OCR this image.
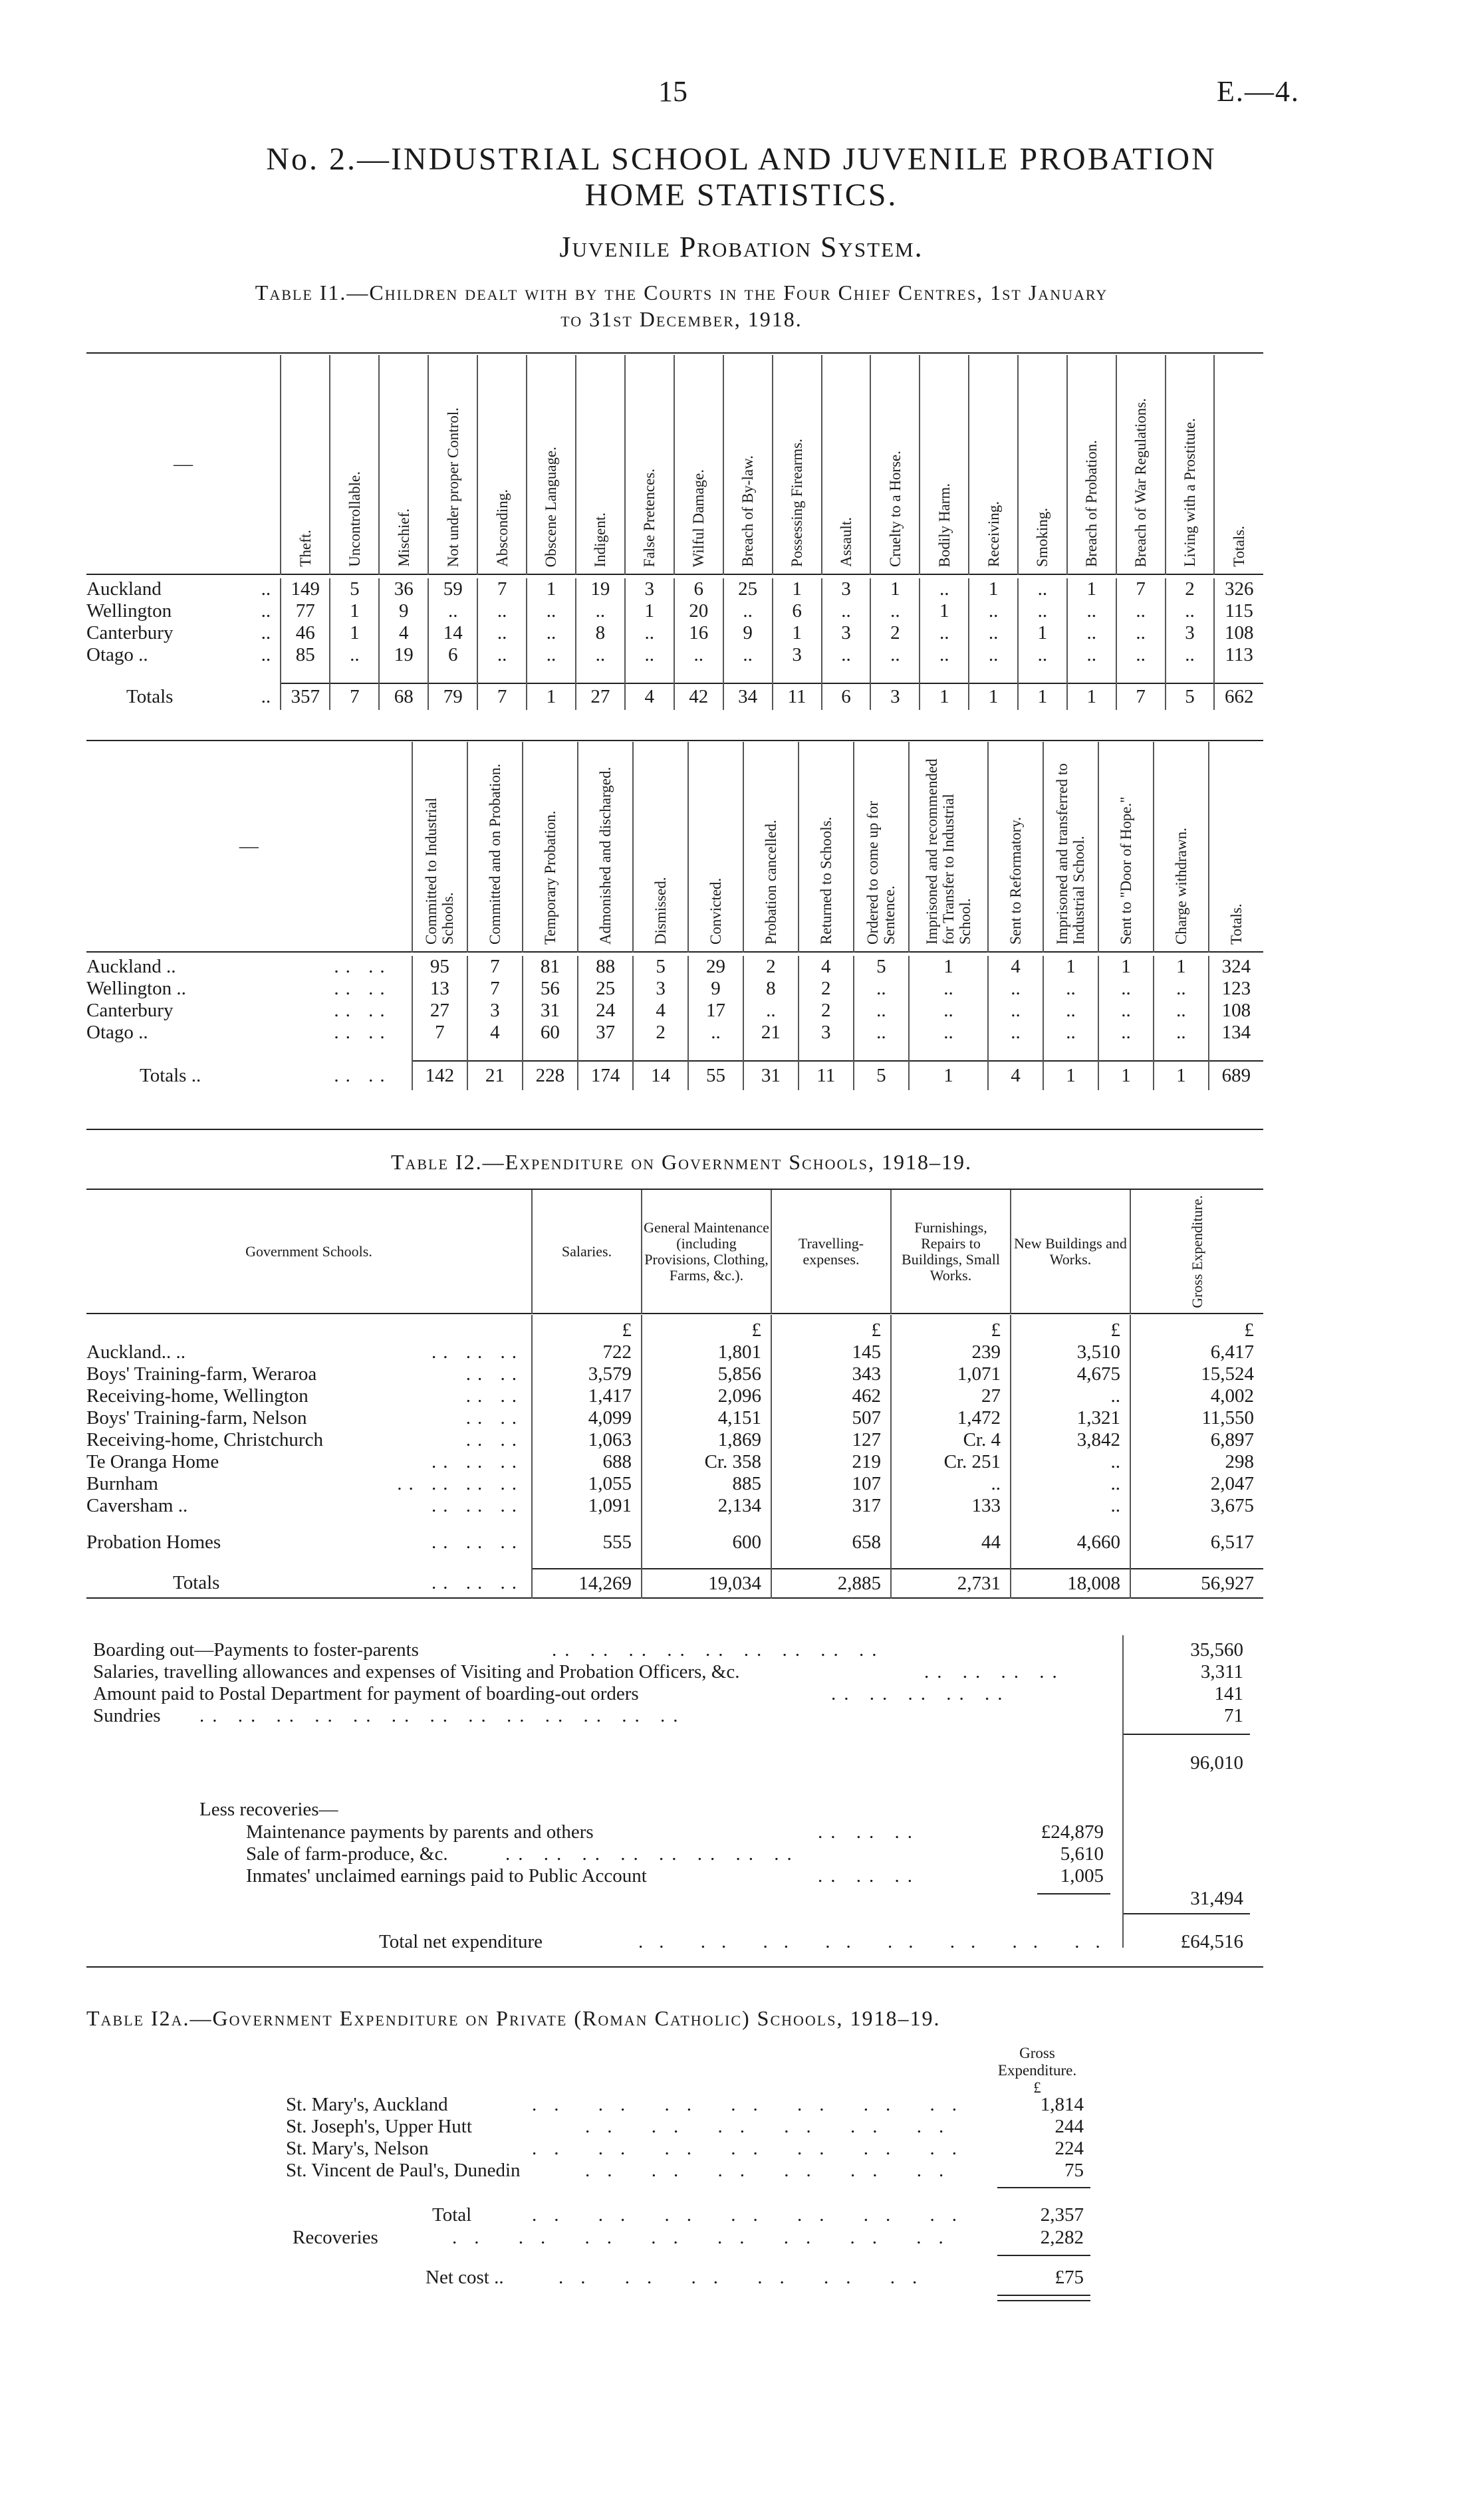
15	E.—4.
No. 2.—INDUSTRIAL SCHOOL AND JUVENILE PROBATION
HOME STATISTICS.
Juvenile Probation System.
Table I1.—Children dealt with by the Courts in the Four Chief Centres, 1st January
to 31st December, 1918.
—	Theft.	Uncontrollable.	Mischief.	Not under proper Control.	Absconding.	Obscene Language.	Indigent.	False Pretences.	Wilful Damage.	Breach of By-law.	Possessing Firearms.	Assault.	Cruelty to a Horse.	Bodily Harm.	Receiving.	Smoking.	Breach of Probation.	Breach of War Regulations.	Living with a Prostitute.	Totals.

Auckland ..	149	5	36	59	7	1	19	3	6	25	1	3	1	..	1	..	1	7	2	326
Wellington ..	77	1	9	..	..	..	..	1	20	..	6	..	..	1	..	..	..	..	..	115
Canterbury ..	46	1	4	14	..	..	8	..	16	9	1	3	2	..	..	1	..	..	3	108
Otago .. ..	85	..	19	6	..	..	..	..	..	..	3	..	..	..	..	..	..	..	..	113

Totals ..	357	7	68	79	7	1	27	4	42	34	11	6	3	1	1	1	1	7	5	662
—	Committed to Industrial Schools.	Committed and on Probation.	Temporary Probation.	Admonished and discharged.	Dismissed.	Convicted.	Probation cancelled.	Returned to Schools.	Ordered to come up for Sentence.	Imprisoned and recommended for Transfer to Industrial School.	Sent to Reformatory.	Imprisoned and transferred to Industrial School.	Sent to "Door of Hope."	Charge withdrawn.	Totals.

Auckland .. .. ..	95	7	81	88	5	29	2	4	5	1	4	1	1	1	324
Wellington .. .. ..	13	7	56	25	3	9	8	2	..	..	..	..	..	..	123
Canterbury .. ..	27	3	31	24	4	17	..	2	..	..	..	..	..	..	108
Otago .. .. ..	7	4	60	37	2	..	21	3	..	..	..	..	..	..	134

Totals .. .. ..	142	21	228	174	14	55	31	11	5	1	4	1	1	1	689
Table I2.—Expenditure on Government Schools, 1918–19.
Government Schools.	Salaries.	General Maintenance (including Provisions, Clothing, Farms, &c.).	Travelling-expenses.	Furnishings, Repairs to Buildings, Small Works.	New Buildings and Works.	Gross Expenditure.

	£	£	£	£	£	£
Auckland.. .. .. .. ..	722	1,801	145	239	3,510	6,417
Boys' Training-farm, Weraroa .. ..	3,579	5,856	343	1,071	4,675	15,524
Receiving-home, Wellington .. ..	1,417	2,096	462	27	..	4,002
Boys' Training-farm, Nelson .. ..	4,099	4,151	507	1,472	1,321	11,550
Receiving-home, Christchurch .. ..	1,063	1,869	127	Cr. 4	3,842	6,897
Te Oranga Home .. .. ..	688	Cr. 358	219	Cr. 251	..	298
Burnham .. .. .. ..	1,055	885	107	..	..	2,047
Caversham .. .. .. ..	1,091	2,134	317	133	..	3,675

Probation Homes .. .. ..	555	600	658	44	4,660	6,517

Totals .. .. ..	14,269	19,034	2,885	2,731	18,008	56,927

Boarding out—Payments to foster-parents	.. .. .. .. .. .. .. .. ..	35,560
Salaries, travelling allowances and expenses of Visiting and Probation Officers, &c.	.. .. .. ..	3,311
Amount paid to Postal Department for payment of boarding-out orders	.. .. .. .. ..	141
Sundries .. .. .. .. .. .. .. .. .. .. .. .. ..	71
96,010
Less recoveries—
Maintenance payments by parents and others	.. .. ..	£24,879
Sale of farm-produce, &c.	.. .. .. .. .. .. .. ..	5,610
Inmates' unclaimed earnings paid to Public Account	.. .. ..	1,005
31,494
Total net expenditure	.. .. .. .. .. .. .. ..	£64,516
Table I2a.—Government Expenditure on Private (Roman Catholic) Schools, 1918–19.
Gross
Expenditure.
£
St. Mary's, Auckland	.. .. .. .. .. .. ..	1,814
St. Joseph's, Upper Hutt	.. .. .. .. .. ..	244
St. Mary's, Nelson	.. .. .. .. .. .. ..	224
St. Vincent de Paul's, Dunedin	.. .. .. .. .. ..	75
Total	.. .. .. .. .. .. ..	2,357
Recoveries	.. .. .. .. .. .. .. ..	2,282
Net cost ..	.. .. .. .. .. ..	£75
